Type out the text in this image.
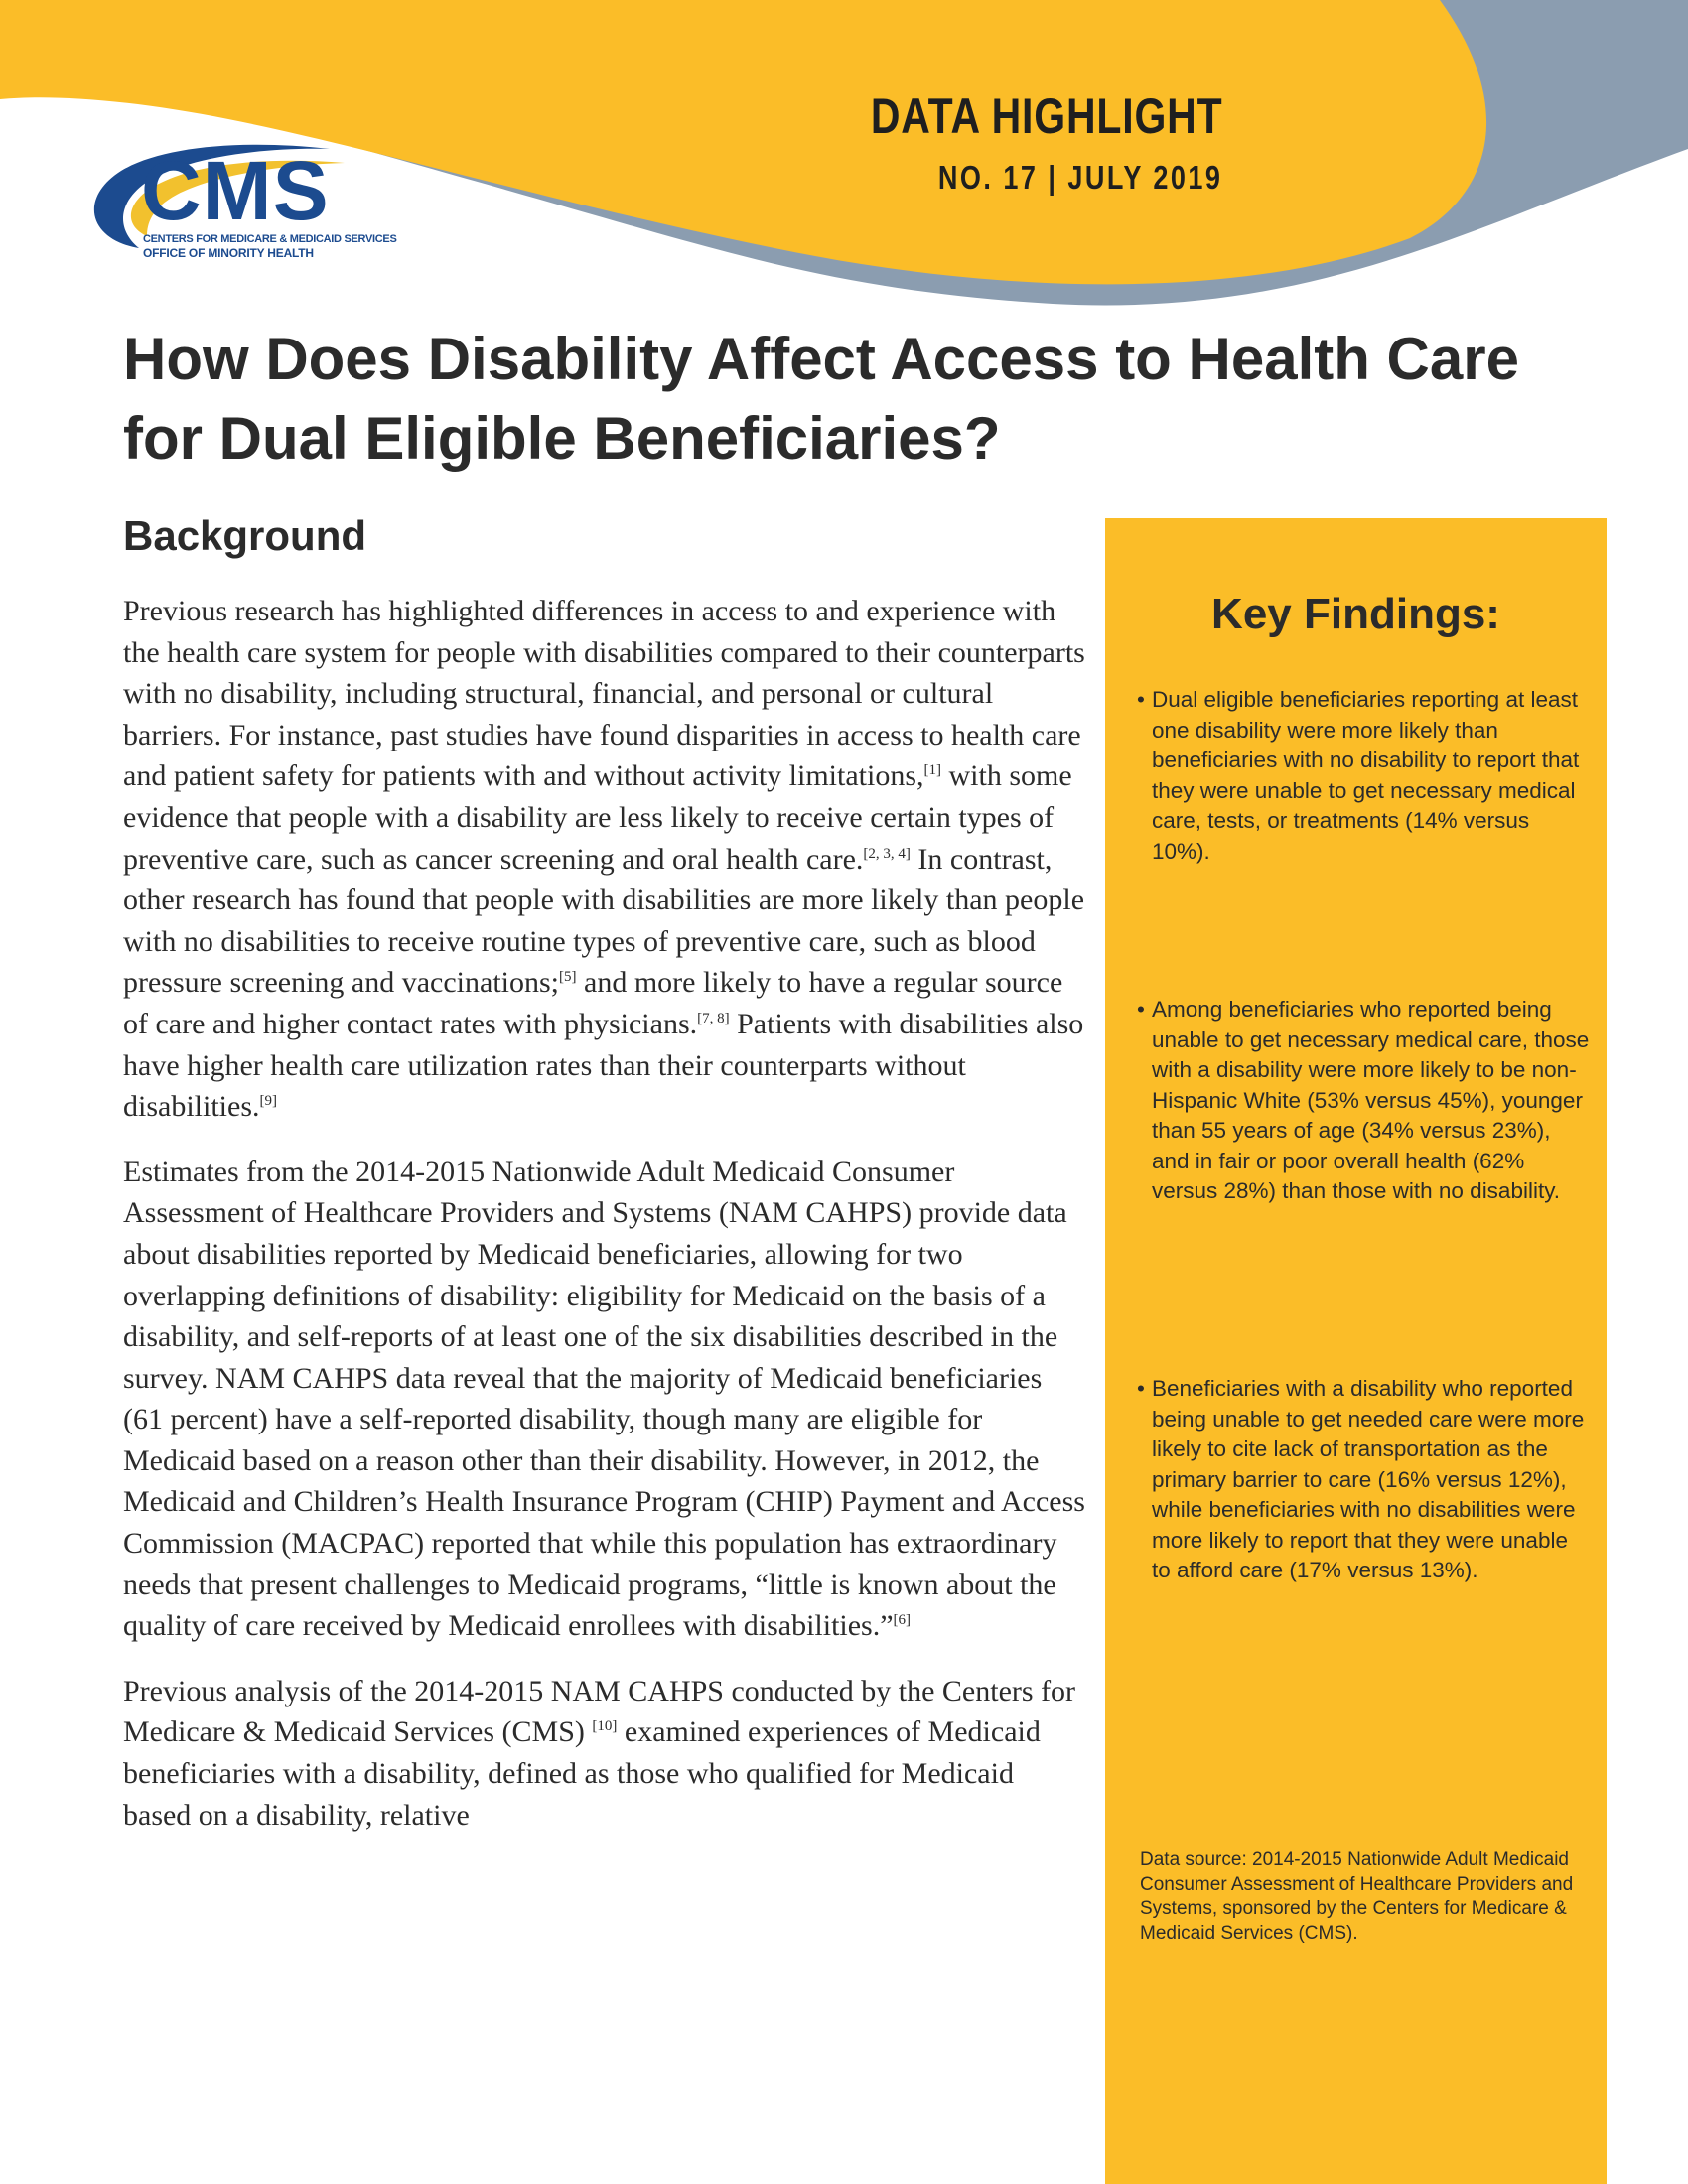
CMS
CENTERS FOR MEDICARE & MEDICAID SERVICES
OFFICE OF MINORITY HEALTH
DATA HIGHLIGHT
NO. 17 | JULY 2019
How Does Disability Affect Access to Health Care for Dual Eligible Beneficiaries?
Background

Previous research has highlighted differences in access to and experience with the health care system for people with disabilities compared to their counterparts with no disability, including structural, financial, and personal or cultural barriers. For instance, past studies have found disparities in access to health care and patient safety for patients with and without activity limitations,[1] with some evidence that people with a disability are less likely to receive certain types of preventive care, such as cancer screening and oral health care.[2, 3, 4] In contrast, other research has found that people with disabilities are more likely than people with no disabilities to receive routine types of preventive care, such as blood pressure screening and vaccinations;[5] and more likely to have a regular source of care and higher contact rates with physicians.[7, 8] Patients with disabilities also have higher health care utilization rates than their counterparts without disabilities.[9]

Estimates from the 2014-2015 Nationwide Adult Medicaid Consumer Assessment of Healthcare Providers and Systems (NAM CAHPS) provide data about disabilities reported by Medicaid beneficiaries, allowing for two overlapping definitions of disability: eligibility for Medicaid on the basis of a disability, and self-reports of at least one of the six disabilities described in the survey. NAM CAHPS data reveal that the majority of Medicaid beneficiaries (61 percent) have a self-reported disability, though many are eligible for Medicaid based on a reason other than their disability. However, in 2012, the Medicaid and Children’s Health Insurance Program (CHIP) Payment and Access Commission (MACPAC) reported that while this population has extraordinary needs that present challenges to Medicaid programs, “little is known about the quality of care received by Medicaid enrollees with disabilities.”[6]

Previous analysis of the 2014-2015 NAM CAHPS conducted by the Centers for Medicare & Medicaid Services (CMS) [10] examined experiences of Medicaid beneficiaries with a disability, defined as those who qualified for Medicaid based on a disability, relative

Key Findings:
• Dual eligible beneficiaries reporting at least one disability were more likely than beneficiaries with no disability to report that they were unable to get necessary medical care, tests, or treatments (14% versus 10%).
• Among beneficiaries who reported being unable to get necessary medical care, those with a disability were more likely to be non-Hispanic White (53% versus 45%), younger than 55 years of age (34% versus 23%), and in fair or poor overall health (62% versus 28%) than those with no disability.
• Beneficiaries with a disability who reported being unable to get needed care were more likely to cite lack of transportation as the primary barrier to care (16% versus 12%), while beneficiaries with no disabilities were more likely to report that they were unable to afford care (17% versus 13%).
Data source: 2014-2015 Nationwide Adult Medicaid Consumer Assessment of Healthcare Providers and Systems, sponsored by the Centers for Medicare & Medicaid Services (CMS).
